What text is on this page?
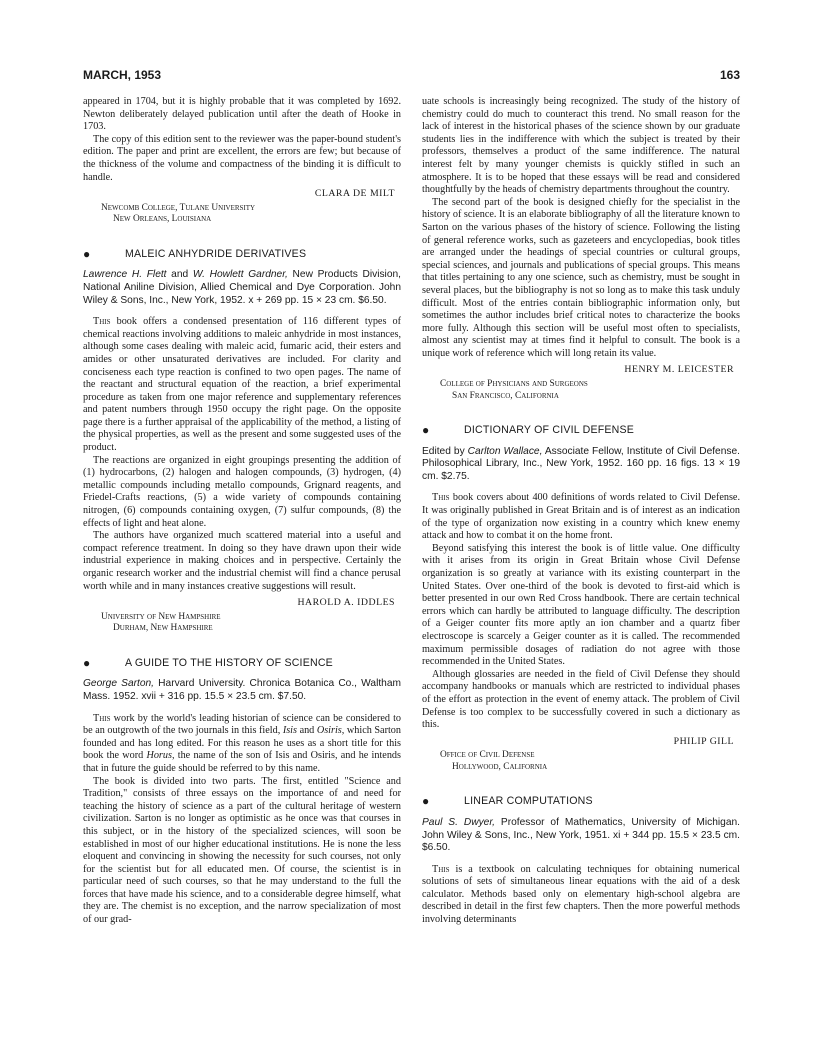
MARCH, 1953	163

appeared in 1704, but it is highly probable that it was completed by 1692. Newton deliberately delayed publication until after the death of Hooke in 1703.

The copy of this edition sent to the reviewer was the paper-bound student's edition. The paper and print are excellent, the errors are few; but because of the thickness of the volume and compactness of the binding it is difficult to handle.

CLARA DE MILT
Newcomb College, Tulane University
New Orleans, Louisiana
●	MALEIC ANHYDRIDE DERIVATIVES
Lawrence H. Flett and W. Howlett Gardner, New Products Division, National Aniline Division, Allied Chemical and Dye Corporation. John Wiley & Sons, Inc., New York, 1952. x + 269 pp. 15 × 23 cm. $6.50.

This book offers a condensed presentation of 116 different types of chemical reactions involving additions to maleic anhydride in most instances, although some cases dealing with maleic acid, fumaric acid, their esters and amides or other unsaturated derivatives are included. For clarity and conciseness each type reaction is confined to two open pages. The name of the reactant and structural equation of the reaction, a brief experimental procedure as taken from one major reference and supplementary references and patent numbers through 1950 occupy the right page. On the opposite page there is a further appraisal of the applicability of the method, a listing of the physical properties, as well as the present and some suggested uses of the product.

The reactions are organized in eight groupings presenting the addition of (1) hydrocarbons, (2) halogen and halogen compounds, (3) hydrogen, (4) metallic compounds including metallo compounds, Grignard reagents, and Friedel-Crafts reactions, (5) a wide variety of compounds containing nitrogen, (6) compounds containing oxygen, (7) sulfur compounds, (8) the effects of light and heat alone.

The authors have organized much scattered material into a useful and compact reference treatment. In doing so they have drawn upon their wide industrial experience in making choices and in perspective. Certainly the organic research worker and the industrial chemist will find a chance perusal worth while and in many instances creative suggestions will result.

HAROLD A. IDDLES
University of New Hampshire
Durham, New Hampshire
●	A GUIDE TO THE HISTORY OF SCIENCE
George Sarton, Harvard University. Chronica Botanica Co., Waltham Mass. 1952. xvii + 316 pp. 15.5 × 23.5 cm. $7.50.

This work by the world's leading historian of science can be considered to be an outgrowth of the two journals in this field, Isis and Osiris, which Sarton founded and has long edited. For this reason he uses as a short title for this book the word Horus, the name of the son of Isis and Osiris, and he intends that in future the guide should be referred to by this name.

The book is divided into two parts. The first, entitled "Science and Tradition," consists of three essays on the importance of and need for teaching the history of science as a part of the cultural heritage of western civilization. Sarton is no longer as optimistic as he once was that courses in this subject, or in the history of the specialized sciences, will soon be established in most of our higher educational institutions. He is none the less eloquent and convincing in showing the necessity for such courses, not only for the scientist but for all educated men. Of course, the scientist is in particular need of such courses, so that he may understand to the full the forces that have made his science, and to a considerable degree himself, what they are. The chemist is no exception, and the narrow specialization of most of our grad-

uate schools is increasingly being recognized. The study of the history of chemistry could do much to counteract this trend. No small reason for the lack of interest in the historical phases of the science shown by our graduate students lies in the indifference with which the subject is treated by their professors, themselves a product of the same indifference. The natural interest felt by many younger chemists is quickly stifled in such an atmosphere. It is to be hoped that these essays will be read and considered thoughtfully by the heads of chemistry departments throughout the country.

The second part of the book is designed chiefly for the specialist in the history of science. It is an elaborate bibliography of all the literature known to Sarton on the various phases of the history of science. Following the listing of general reference works, such as gazeteers and encyclopedias, book titles are arranged under the headings of special countries or cultural groups, special sciences, and journals and publications of special groups. This means that titles pertaining to any one science, such as chemistry, must be sought in several places, but the bibliography is not so long as to make this task unduly difficult. Most of the entries contain bibliographic information only, but sometimes the author includes brief critical notes to characterize the books more fully. Although this section will be useful most often to specialists, almost any scientist may at times find it helpful to consult. The book is a unique work of reference which will long retain its value.

HENRY M. LEICESTER
College of Physicians and Surgeons
San Francisco, California
●	DICTIONARY OF CIVIL DEFENSE
Edited by Carlton Wallace, Associate Fellow, Institute of Civil Defense. Philosophical Library, Inc., New York, 1952. 160 pp. 16 figs. 13 × 19 cm. $2.75.

This book covers about 400 definitions of words related to Civil Defense. It was originally published in Great Britain and is of interest as an indication of the type of organization now existing in a country which knew enemy attack and how to combat it on the home front.

Beyond satisfying this interest the book is of little value. One difficulty with it arises from its origin in Great Britain whose Civil Defense organization is so greatly at variance with its existing counterpart in the United States. Over one-third of the book is devoted to first-aid which is better presented in our own Red Cross handbook. There are certain technical errors which can hardly be attributed to language difficulty. The description of a Geiger counter fits more aptly an ion chamber and a quartz fiber electroscope is scarcely a Geiger counter as it is called. The recommended maximum permissible dosages of radiation do not agree with those recommended in the United States.

Although glossaries are needed in the field of Civil Defense they should accompany handbooks or manuals which are restricted to individual phases of the effort as protection in the event of enemy attack. The problem of Civil Defense is too complex to be successfully covered in such a dictionary as this.

PHILIP GILL
Office of Civil Defense
Hollywood, California
●	LINEAR COMPUTATIONS
Paul S. Dwyer, Professor of Mathematics, University of Michigan. John Wiley & Sons, Inc., New York, 1951. xi + 344 pp. 15.5 × 23.5 cm. $6.50.

This is a textbook on calculating techniques for obtaining numerical solutions of sets of simultaneous linear equations with the aid of a desk calculator. Methods based only on elementary high-school algebra are described in detail in the first few chapters. Then the more powerful methods involving determinants
